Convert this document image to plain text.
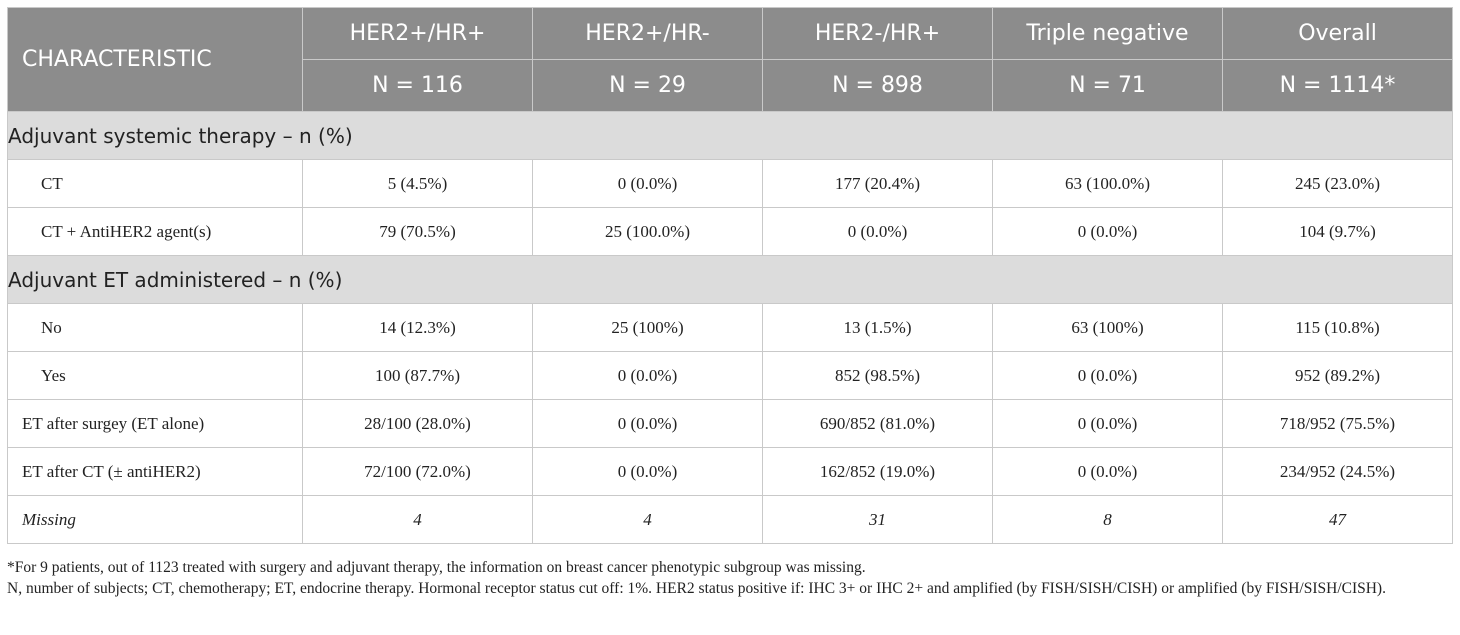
CHARACTERISTIC	HER2+/HR+	HER2+/HR-	HER2-/HR+	Triple negative	Overall
	N = 116	N = 29	N = 898	N = 71	N = 1114*
Adjuvant systemic therapy – n (%)					
CT	5 (4.5%)	0 (0.0%)	177 (20.4%)	63 (100.0%)	245 (23.0%)
CT + AntiHER2 agent(s)	79 (70.5%)	25 (100.0%)	0 (0.0%)	0 (0.0%)	104 (9.7%)
Adjuvant ET administered – n (%)					
No	14 (12.3%)	25 (100%)	13 (1.5%)	63 (100%)	115 (10.8%)
Yes	100 (87.7%)	0 (0.0%)	852 (98.5%)	0 (0.0%)	952 (89.2%)
ET after surgey (ET alone)	28/100 (28.0%)	0 (0.0%)	690/852 (81.0%)	0 (0.0%)	718/952 (75.5%)
ET after CT (± antiHER2)	72/100 (72.0%)	0 (0.0%)	162/852 (19.0%)	0 (0.0%)	234/952 (24.5%)
Missing	4	4	31	8	47

*For 9 patients, out of 1123 treated with surgery and adjuvant therapy, the information on breast cancer phenotypic subgroup was missing.

N, number of subjects; CT, chemotherapy; ET, endocrine therapy. Hormonal receptor status cut off: 1%. HER2 status positive if: IHC 3+ or IHC 2+ and amplified (by FISH/SISH/CISH) or amplified (by FISH/SISH/CISH).
